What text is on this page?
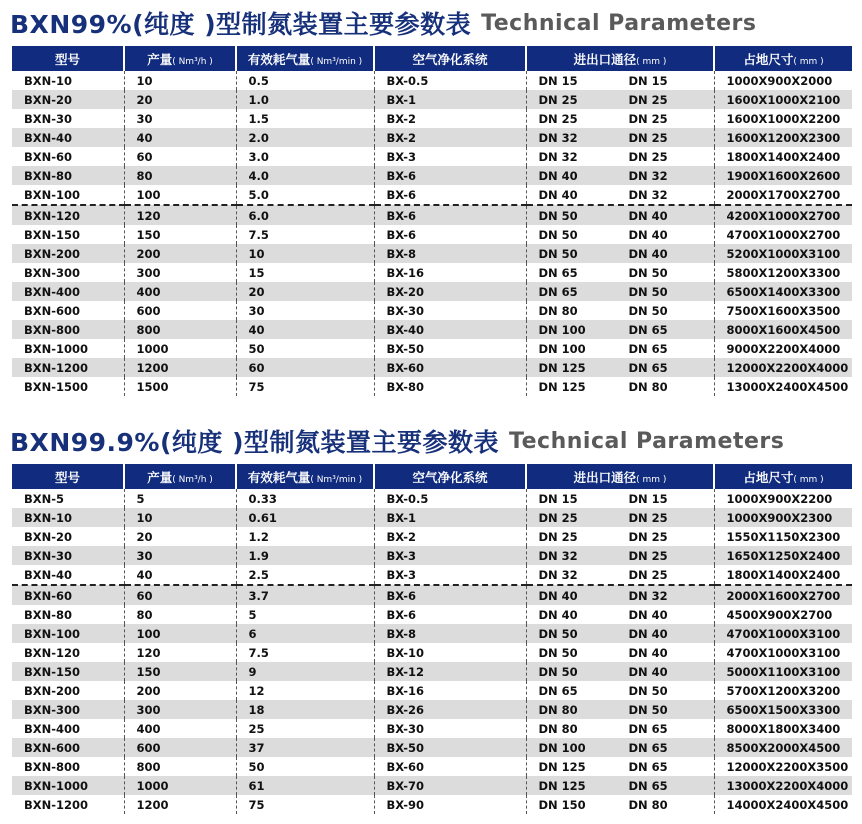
BXN99%(纯度 )型制氮装置主要参数表 Technical Parameters
型号	产量( Nm³/h )	有效耗气量( Nm³/min )	空气净化系统	进出口通径( mm )	占地尺寸( mm )
BXN-10	10	0.5	BX-0.5	DN 15 DN 15	1000X900X2000
BXN-20	20	1.0	BX-1	DN 25 DN 25	1600X1000X2100
BXN-30	30	1.5	BX-2	DN 25 DN 25	1600X1000X2200
BXN-40	40	2.0	BX-2	DN 32 DN 25	1600X1200X2300
BXN-60	60	3.0	BX-3	DN 32 DN 25	1800X1400X2400
BXN-80	80	4.0	BX-6	DN 40 DN 32	1900X1600X2600
BXN-100	100	5.0	BX-6	DN 40 DN 32	2000X1700X2700
BXN-120	120	6.0	BX-6	DN 50 DN 40	4200X1000X2700
BXN-150	150	7.5	BX-6	DN 50 DN 40	4700X1000X2700
BXN-200	200	10	BX-8	DN 50 DN 40	5200X1000X3100
BXN-300	300	15	BX-16	DN 65 DN 50	5800X1200X3300
BXN-400	400	20	BX-20	DN 65 DN 50	6500X1400X3300
BXN-600	600	30	BX-30	DN 80 DN 50	7500X1600X3500
BXN-800	800	40	BX-40	DN 100 DN 65	8000X1600X4500
BXN-1000	1000	50	BX-50	DN 100 DN 65	9000X2200X4000
BXN-1200	1200	60	BX-60	DN 125 DN 65	12000X2200X4000
BXN-1500	1500	75	BX-80	DN 125 DN 80	13000X2400X4500
BXN99.9%(纯度 )型制氮装置主要参数表 Technical Parameters
型号	产量( Nm³/h )	有效耗气量( Nm³/min )	空气净化系统	进出口通径( mm )	占地尺寸( mm )
BXN-5	5	0.33	BX-0.5	DN 15 DN 15	1000X900X2200
BXN-10	10	0.61	BX-1	DN 25 DN 25	1000X900X2300
BXN-20	20	1.2	BX-2	DN 25 DN 25	1550X1150X2300
BXN-30	30	1.9	BX-3	DN 32 DN 25	1650X1250X2400
BXN-40	40	2.5	BX-3	DN 32 DN 25	1800X1400X2400
BXN-60	60	3.7	BX-6	DN 40 DN 32	2000X1600X2700
BXN-80	80	5	BX-6	DN 40 DN 40	4500X900X2700
BXN-100	100	6	BX-8	DN 50 DN 40	4700X1000X3100
BXN-120	120	7.5	BX-10	DN 50 DN 40	4700X1000X3100
BXN-150	150	9	BX-12	DN 50 DN 40	5000X1100X3100
BXN-200	200	12	BX-16	DN 65 DN 50	5700X1200X3200
BXN-300	300	18	BX-26	DN 80 DN 50	6500X1500X3300
BXN-400	400	25	BX-30	DN 80 DN 65	8000X1800X3400
BXN-600	600	37	BX-50	DN 100 DN 65	8500X2000X4500
BXN-800	800	50	BX-60	DN 125 DN 65	12000X2200X3500
BXN-1000	1000	61	BX-70	DN 125 DN 65	13000X2200X4000
BXN-1200	1200	75	BX-90	DN 150 DN 80	14000X2400X4500
